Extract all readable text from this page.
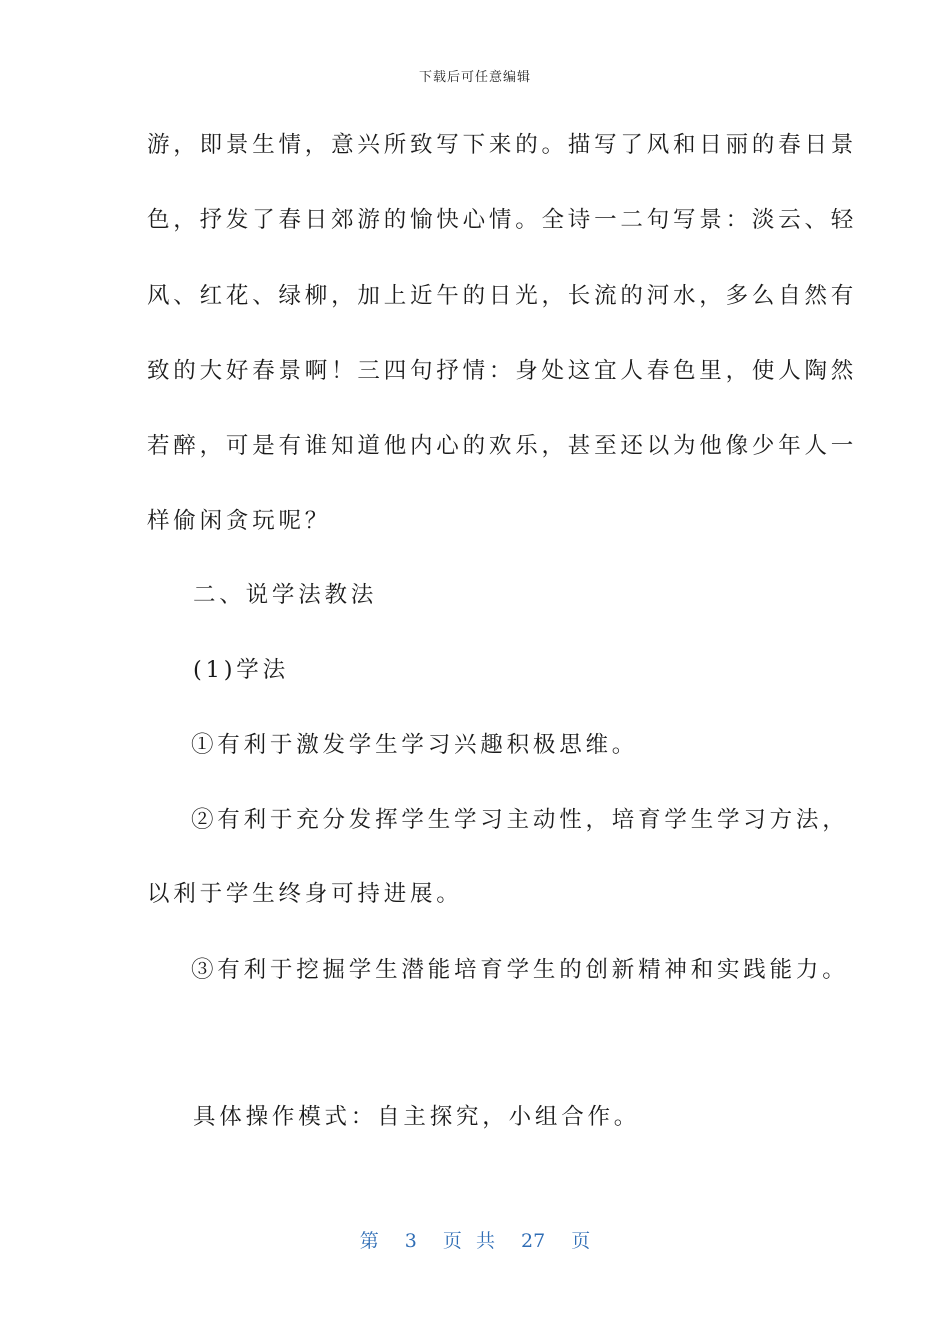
下载后可任意编辑
游，即景生情，意兴所致写下来的。描写了风和日丽的春日景
色，抒发了春日郊游的愉快心情。全诗一二句写景：淡云、轻
风、红花、绿柳，加上近午的日光，长流的河水，多么自然有
致的大好春景啊！三四句抒情：身处这宜人春色里，使人陶然
若醉，可是有谁知道他内心的欢乐，甚至还以为他像少年人一
样偷闲贪玩呢？
二、说学法教法
(1)学法
①有利于激发学生学习兴趣积极思维。
②有利于充分发挥学生学习主动性，培育学生学习方法，
以利于学生终身可持进展。
③有利于挖掘学生潜能培育学生的创新精神和实践能力。
具体操作模式：自主探究，小组合作。
第 3 页 共 27 页
